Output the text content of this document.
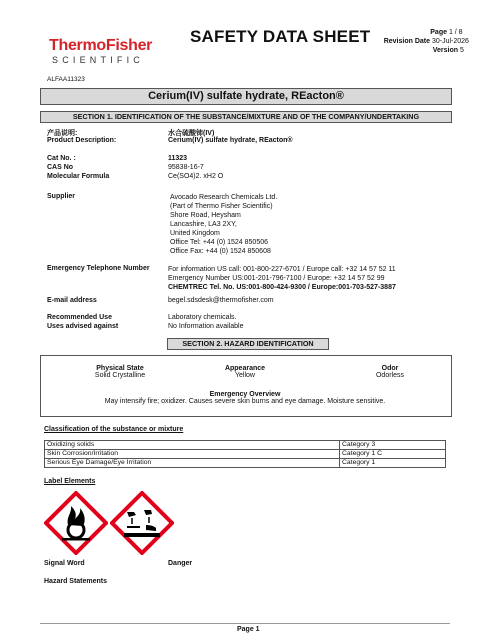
ThermoFisher
SCIENTIFIC
SAFETY DATA SHEET	Page 1 / 8
Revision Date 30-Jul-2026
Version 5
ALFAA11323
Cerium(IV) sulfate hydrate, REacton®
SECTION 1. IDENTIFICATION OF THE SUBSTANCE/MIXTURE AND OF THE COMPANY/UNDERTAKING
产品说明:	水合硫酸铈(IV)
Product Description:	Cerium(IV) sulfate hydrate, REacton®
Cat No. :	11323
CAS No	95838-16-7
Molecular Formula	Ce(SO4)2. xH2 O
Supplier	Avocado Research Chemicals Ltd.
(Part of Thermo Fisher Scientific)
Shore Road, Heysham
Lancashire, LA3 2XY,
United Kingdom
Office Tel: +44 (0) 1524 850506
Office Fax: +44 (0) 1524 850608
Emergency Telephone Number	For information US call: 001-800-227-6701 / Europe call: +32 14 57 52 11
Emergency Number US:001-201-796-7100 / Europe: +32 14 57 52 99
CHEMTREC Tel. No. US:001-800-424-9300 / Europe:001-703-527-3887
E-mail address	begel.sdsdesk@thermofisher.com
Recommended Use	Laboratory chemicals.
Uses advised against	No Information available
SECTION 2. HAZARD IDENTIFICATION
Physical State
Solid Crystalline
Appearance
Yellow
Odor
Odorless
Emergency Overview
May intensify fire; oxidizer. Causes severe skin burns and eye damage. Moisture sensitive.
Classification of the substance or mixture
Oxidizing solids	Category 3
Skin Corrosion/Irritation	Category 1 C
Serious Eye Damage/Eye Irritation	Category 1
Label Elements
Signal Word	Danger
Hazard Statements
Page 1
